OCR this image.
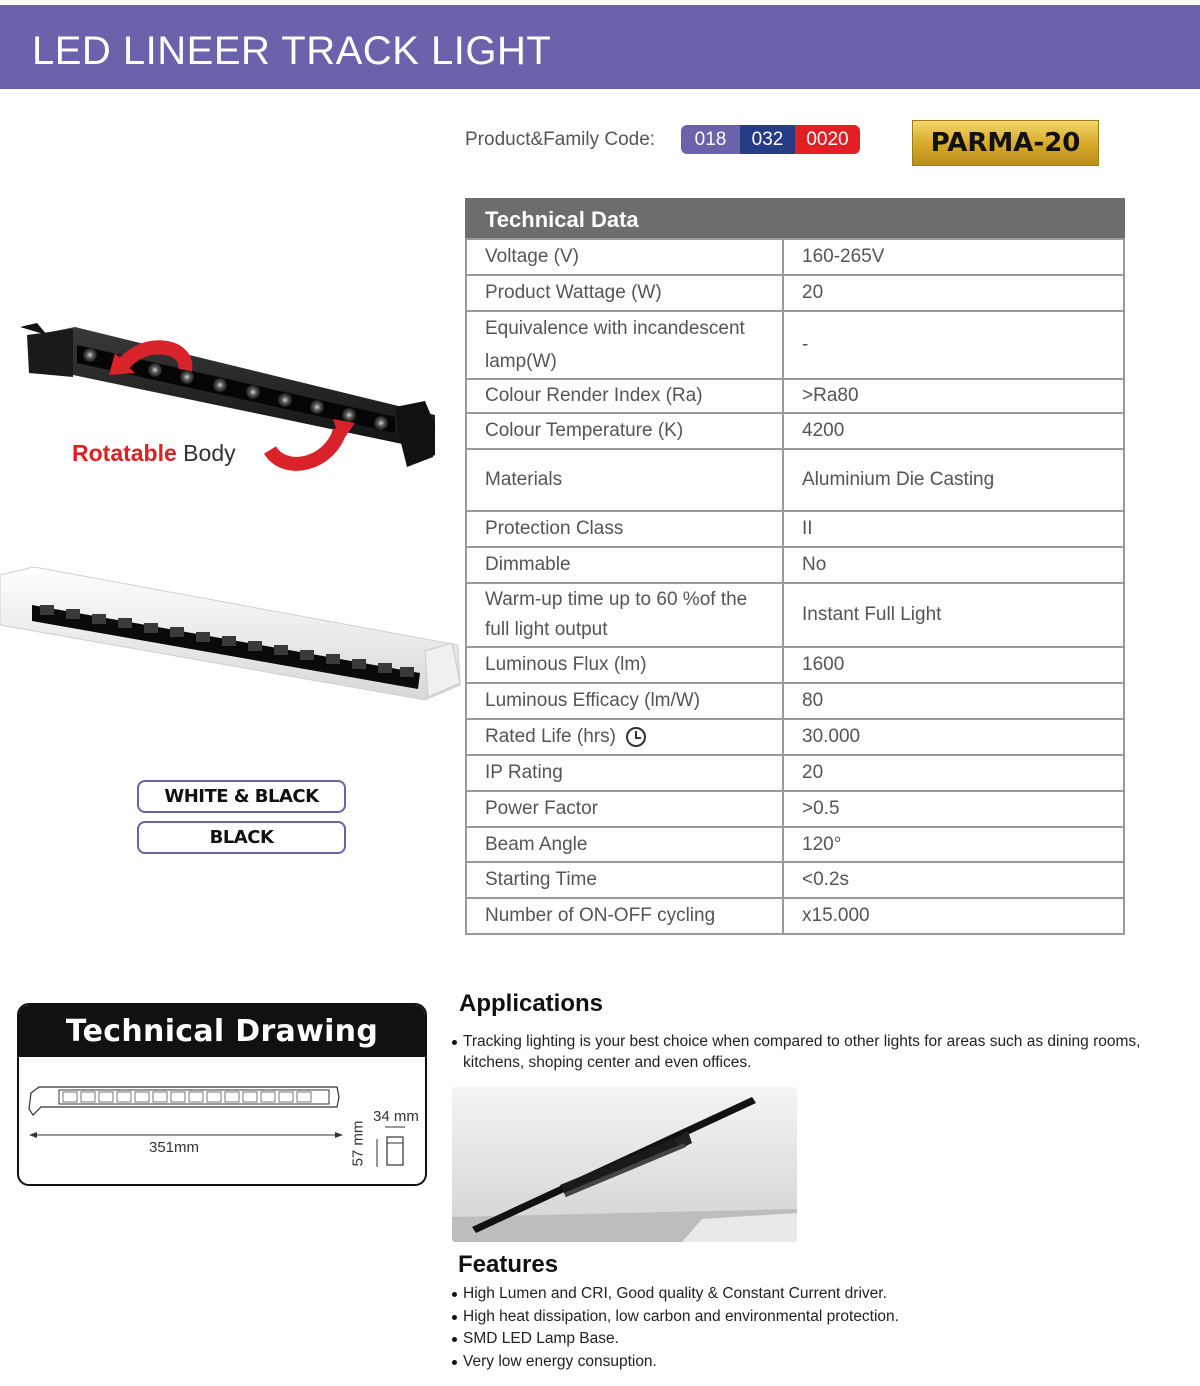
LED LINEER TRACK LIGHT
Product&Family Code:	018	032	0020	PARMA-20
Technical Data
Voltage (V)	160-265V
Product Wattage (W)	20
Equivalence with incandescent lamp(W)	-
Colour Render Index (Ra)	>Ra80
Colour Temperature (K)	4200
Materials	Aluminium Die Casting
Protection Class	II
Dimmable	No
Warm-up time up to 60 %of the full light output	Instant Full Light
Luminous Flux (lm)	1600
Luminous Efficacy (lm/W)	80
Rated Life (hrs)	30.000
IP Rating	20
Power Factor	>0.5
Beam Angle	120°
Starting Time	<0.2s
Number of ON-OFF cycling	x15.000
Rotatable Body
WHITE & BLACK
BLACK
Technical Drawing
351mm
34 mm
57 mm
Applications
Tracking lighting is your best choice when compared to other lights for areas such as dining rooms, kitchens, shoping center and even offices.
Features
High Lumen and CRI, Good quality & Constant Current driver.
High heat dissipation, low carbon and environmental protection.
SMD LED Lamp Base.
Very low energy consuption.
